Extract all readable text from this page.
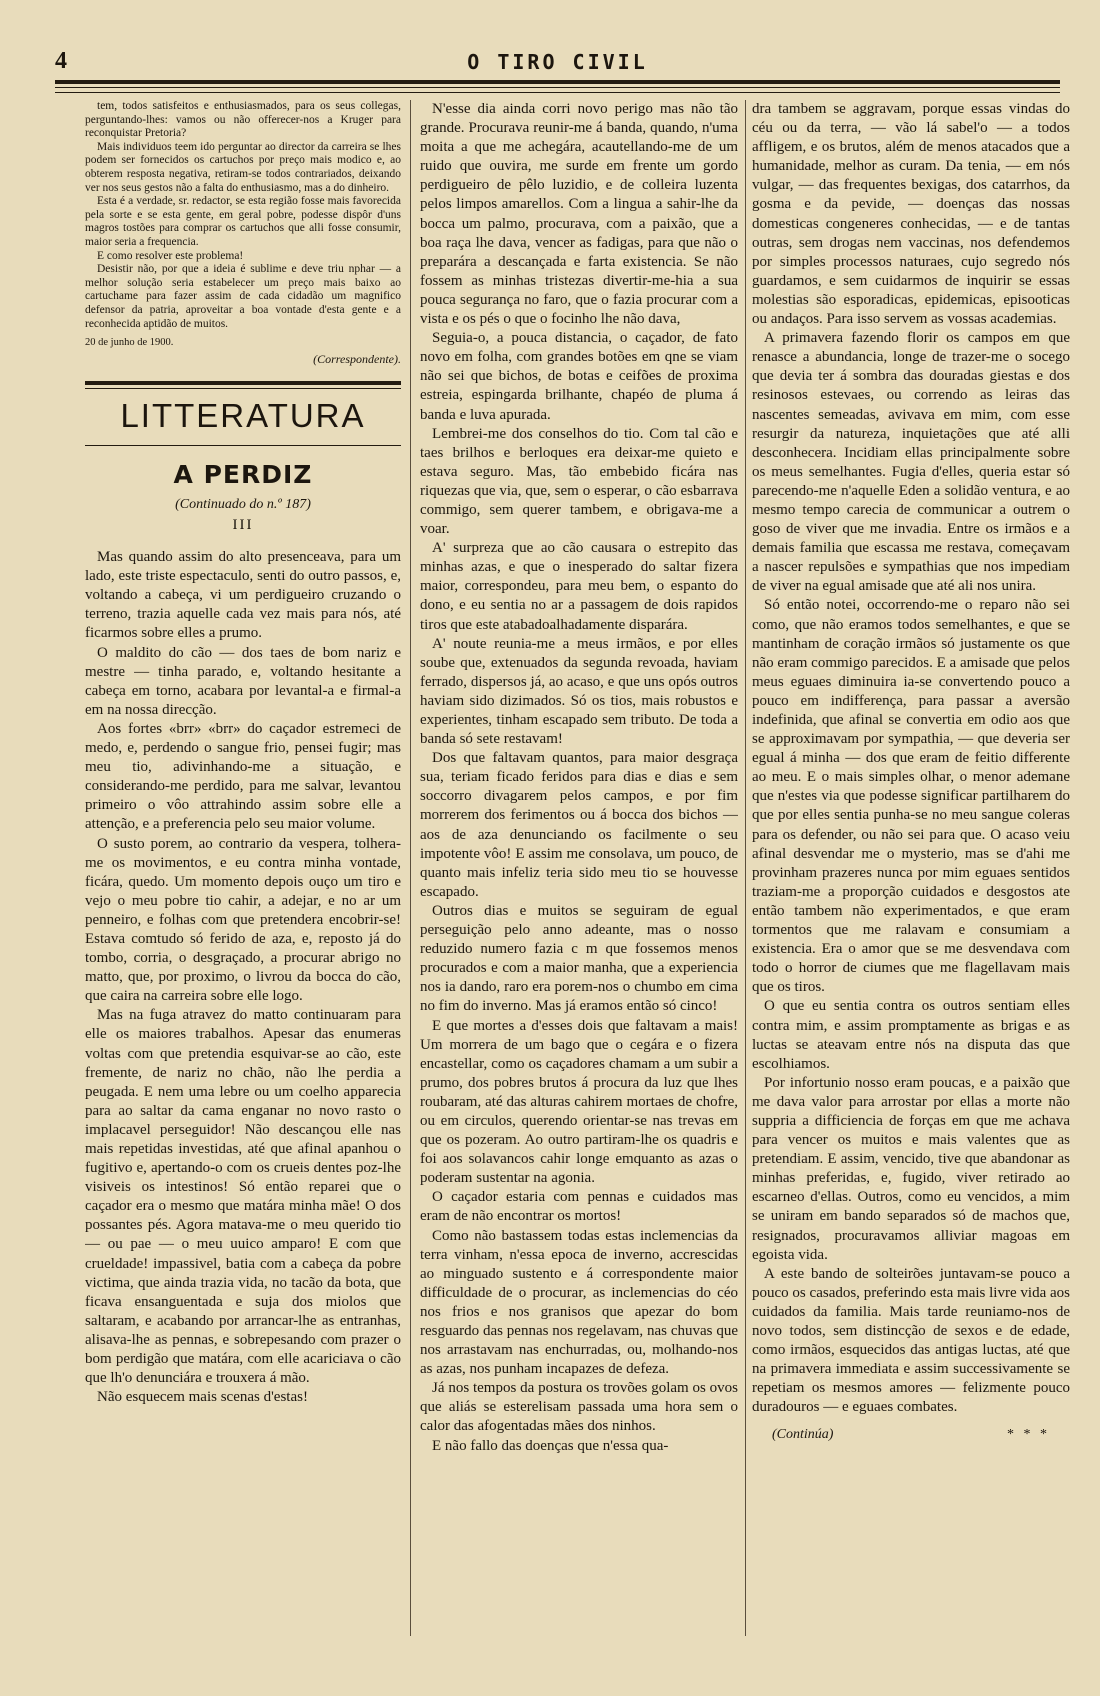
4	O TIRO CIVIL

tem, todos satisfeitos e enthusiasmados, para os seus collegas, perguntando-lhes: vamos ou não offerecer-nos a Kruger para reconquistar Pretoria?

Mais individuos teem ido perguntar ao director da carreira se lhes podem ser fornecidos os cartuchos por preço mais modico e, ao obterem resposta negativa, retiram-se todos contrariados, deixando ver nos seus gestos não a falta do enthusiasmo, mas a do dinheiro.

Esta é a verdade, sr. redactor, se esta região fosse mais favorecida pela sorte e se esta gente, em geral pobre, podesse dispôr d'uns magros tostões para comprar os cartuchos que alli fosse consumir, maior seria a frequencia.

E como resolver este problema!

Desistir não, por que a ideia é sublime e deve triu nphar — a melhor solução seria estabelecer um preço mais baixo ao cartuchame para fazer assim de cada cidadão um magnifico defensor da patria, aproveitar a boa vontade d'esta gente e a reconhecida aptidão de muitos.

20 de junho de 1900.
(Correspondente).
LITTERATURA
A PERDIZ
(Continuado do n.º 187)
III

Mas quando assim do alto presenceava, para um lado, este triste espectaculo, senti do outro passos, e, voltando a cabeça, vi um perdigueiro cruzando o terreno, trazia aquelle cada vez mais para nós, até ficarmos sobre elles a prumo.

O maldito do cão — dos taes de bom nariz e mestre — tinha parado, e, voltando hesitante a cabeça em torno, acabara por levantal-a e firmal-a em na nossa direcção.

Aos fortes «brr» «brr» do caçador estremeci de medo, e, perdendo o sangue frio, pensei fugir; mas meu tio, adivinhando-me a situação, e considerando-me perdido, para me salvar, levantou primeiro o vôo attrahindo assim sobre elle a attenção, e a preferencia pelo seu maior volume.

O susto porem, ao contrario da vespera, tolhera-me os movimentos, e eu contra minha vontade, ficára, quedo. Um momento depois ouço um tiro e vejo o meu pobre tio cahir, a adejar, e no ar um penneiro, e folhas com que pretendera encobrir-se! Estava comtudo só ferido de aza, e, reposto já do tombo, corria, o desgraçado, a procurar abrigo no matto, que, por proximo, o livrou da bocca do cão, que caira na carreira sobre elle logo.

Mas na fuga atravez do matto continuaram para elle os maiores trabalhos. Apesar das enumeras voltas com que pretendia esquivar-se ao cão, este fremente, de nariz no chão, não lhe perdia a peugada. E nem uma lebre ou um coelho apparecia para ao saltar da cama enganar no novo rasto o implacavel perseguidor! Não descançou elle nas mais repetidas investidas, até que afinal apanhou o fugitivo e, apertando-o com os crueis dentes poz-lhe visiveis os intestinos! Só então reparei que o caçador era o mesmo que matára minha mãe! O dos possantes pés. Agora matava-me o meu querido tio — ou pae — o meu uuico amparo! E com que crueldade! impassivel, batia com a cabeça da pobre victima, que ainda trazia vida, no tacão da bota, que ficava ensanguentada e suja dos miolos que saltaram, e acabando por arrancar-lhe as entranhas, alisava-lhe as pennas, e sobrepesando com prazer o bom perdigão que matára, com elle acariciava o cão que lh'o denunciára e trouxera á mão.

Não esquecem mais scenas d'estas!

N'esse dia ainda corri novo perigo mas não tão grande. Procurava reunir-me á banda, quando, n'uma moita a que me achegára, acautellando-me de um ruido que ouvira, me surde em frente um gordo perdigueiro de pêlo luzidio, e de colleira luzenta pelos limpos amarellos. Com a lingua a sahir-lhe da bocca um palmo, procurava, com a paixão, que a boa raça lhe dava, vencer as fadigas, para que não o preparára a descançada e farta existencia. Se não fossem as minhas tristezas divertir-me-hia a sua pouca segurança no faro, que o fazia procurar com a vista e os pés o que o focinho lhe não dava,

Seguia-o, a pouca distancia, o caçador, de fato novo em folha, com grandes botões em qne se viam não sei que bichos, de botas e ceifões de proxima estreia, espingarda brilhante, chapéo de pluma á banda e luva apurada.

Lembrei-me dos conselhos do tio. Com tal cão e taes brilhos e berloques era deixar-me quieto e estava seguro. Mas, tão embebido ficára nas riquezas que via, que, sem o esperar, o cão esbarrava commigo, sem querer tambem, e obrigava-me a voar.

A' surpreza que ao cão causara o estrepito das minhas azas, e que o inesperado do saltar fizera maior, correspondeu, para meu bem, o espanto do dono, e eu sentia no ar a passagem de dois rapidos tiros que este atabadoalhadamente disparára.

A' noute reunia-me a meus irmãos, e por elles soube que, extenuados da segunda revoada, haviam ferrado, dispersos já, ao acaso, e que uns opós outros haviam sido dizimados. Só os tios, mais robustos e experientes, tinham escapado sem tributo. De toda a banda só sete restavam!

Dos que faltavam quantos, para maior desgraça sua, teriam ficado feridos para dias e dias e sem soccorro divagarem pelos campos, e por fim morrerem dos ferimentos ou á bocca dos bichos — aos de aza denunciando os facilmente o seu impotente vôo! E assim me consolava, um pouco, de quanto mais infeliz teria sido meu tio se houvesse escapado.

Outros dias e muitos se seguiram de egual perseguição pelo anno adeante, mas o nosso reduzido numero fazia c m que fossemos menos procurados e com a maior manha, que a experiencia nos ia dando, raro era porem-nos o chumbo em cima no fim do inverno. Mas já eramos então só cinco!

E que mortes a d'esses dois que faltavam a mais! Um morrera de um bago que o cegára e o fizera encastellar, como os caçadores chamam a um subir a prumo, dos pobres brutos á procura da luz que lhes roubaram, até das alturas cahirem mortaes de chofre, ou em circulos, querendo orientar-se nas trevas em que os pozeram. Ao outro partiram-lhe os quadris e foi aos solavancos cahir longe emquanto as azas o poderam sustentar na agonia.

O caçador estaria com pennas e cuidados mas eram de não encontrar os mortos!

Como não bastassem todas estas inclemencias da terra vinham, n'essa epoca de inverno, accrescidas ao minguado sustento e á correspondente maior difficuldade de o procurar, as inclemencias do céo nos frios e nos granisos que apezar do bom resguardo das pennas nos regelavam, nas chuvas que nos arrastavam nas enchurradas, ou, molhando-nos as azas, nos punham incapazes de defeza.

Já nos tempos da postura os trovões golam os ovos que aliás se esterelisam passada uma hora sem o calor das afogentadas mães dos ninhos.

E não fallo das doenças que n'essa qua-

dra tambem se aggravam, porque essas vindas do céu ou da terra, — vão lá sabel'o — a todos affligem, e os brutos, além de menos atacados que a humanidade, melhor as curam. Da tenia, — em nós vulgar, — das frequentes bexigas, dos catarrhos, da gosma e da pevide, — doenças das nossas domesticas congeneres conhecidas, — e de tantas outras, sem drogas nem vaccinas, nos defendemos por simples processos naturaes, cujo segredo nós guardamos, e sem cuidarmos de inquirir se essas molestias são esporadicas, epidemicas, episooticas ou andaços. Para isso servem as vossas academias.

A primavera fazendo florir os campos em que renasce a abundancia, longe de trazer-me o socego que devia ter á sombra das douradas giestas e dos resinosos estevaes, ou correndo as leiras das nascentes semeadas, avivava em mim, com esse resurgir da natureza, inquietações que até alli desconhecera. Incidiam ellas principalmente sobre os meus semelhantes. Fugia d'elles, queria estar só parecendo-me n'aquelle Eden a solidão ventura, e ao mesmo tempo carecia de communicar a outrem o goso de viver que me invadia. Entre os irmãos e a demais familia que escassa me restava, começavam a nascer repulsões e sympathias que nos impediam de viver na egual amisade que até ali nos unira.

Só então notei, occorrendo-me o reparo não sei como, que não eramos todos semelhantes, e que se mantinham de coração irmãos só justamente os que não eram commigo parecidos. E a amisade que pelos meus eguaes diminuira ia-se convertendo pouco a pouco em indifferença, para passar a aversão indefinida, que afinal se convertia em odio aos que se approximavam por sympathia, — que deveria ser egual á minha — dos que eram de feitio differente ao meu. E o mais simples olhar, o menor ademane que n'estes via que podesse significar partilharem do que por elles sentia punha-se no meu sangue coleras para os defender, ou não sei para que. O acaso veiu afinal desvendar me o mysterio, mas se d'ahi me provinham prazeres nunca por mim eguaes sentidos traziam-me a proporção cuidados e desgostos ate então tambem não experimentados, e que eram tormentos que me ralavam e consumiam a existencia. Era o amor que se me desvendava com todo o horror de ciumes que me flagellavam mais que os tiros.

O que eu sentia contra os outros sentiam elles contra mim, e assim promptamente as brigas e as luctas se ateavam entre nós na disputa das que escolhiamos.

Por infortunio nosso eram poucas, e a paixão que me dava valor para arrostar por ellas a morte não suppria a difficiencia de forças em que me achava para vencer os muitos e mais valentes que as pretendiam. E assim, vencido, tive que abandonar as minhas preferidas, e, fugido, viver retirado ao escarneo d'ellas. Outros, como eu vencidos, a mim se uniram em bando separados só de machos que, resignados, procuravamos alliviar magoas em egoista vida.

A este bando de solteirões juntavam-se pouco a pouco os casados, preferindo esta mais livre vida aos cuidados da familia. Mais tarde reuniamo-nos de novo todos, sem distincção de sexos e de edade, como irmãos, esquecidos das antigas luctas, até que na primavera immediata e assim successivamente se repetiam os mesmos amores — felizmente pouco duradouros — e eguaes combates.

(Continúa)	* * *
